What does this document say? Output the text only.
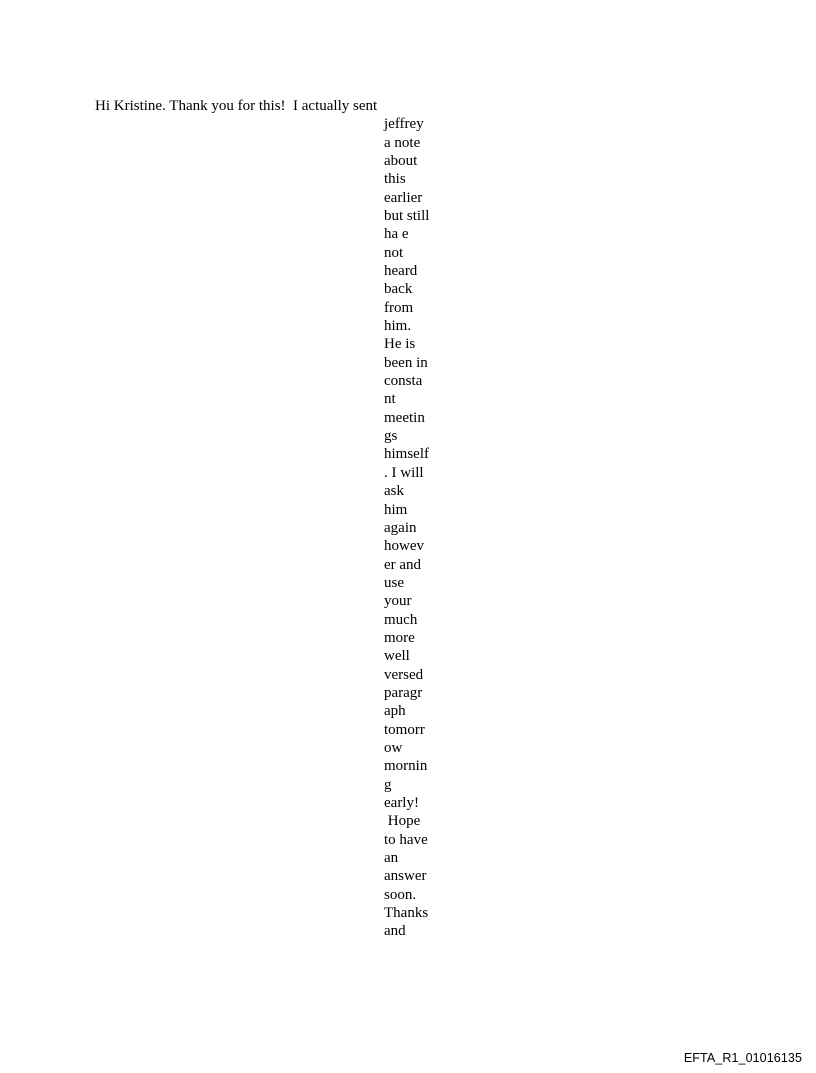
Hi Kristine. Thank you for this!  I actually sent

jeffrey
a note
about
this
earlier
but still
ha e
not
heard
back
from
him.
He is
been in
consta
nt
meetin
gs
himself
. I will
ask
him
again
howev
er and
use
your
much
more
well
versed
paragr
aph
tomorr
ow
mornin
g
early!
Hope
to have
an
answer
soon.
Thanks
and

EFTA_R1_01016135
